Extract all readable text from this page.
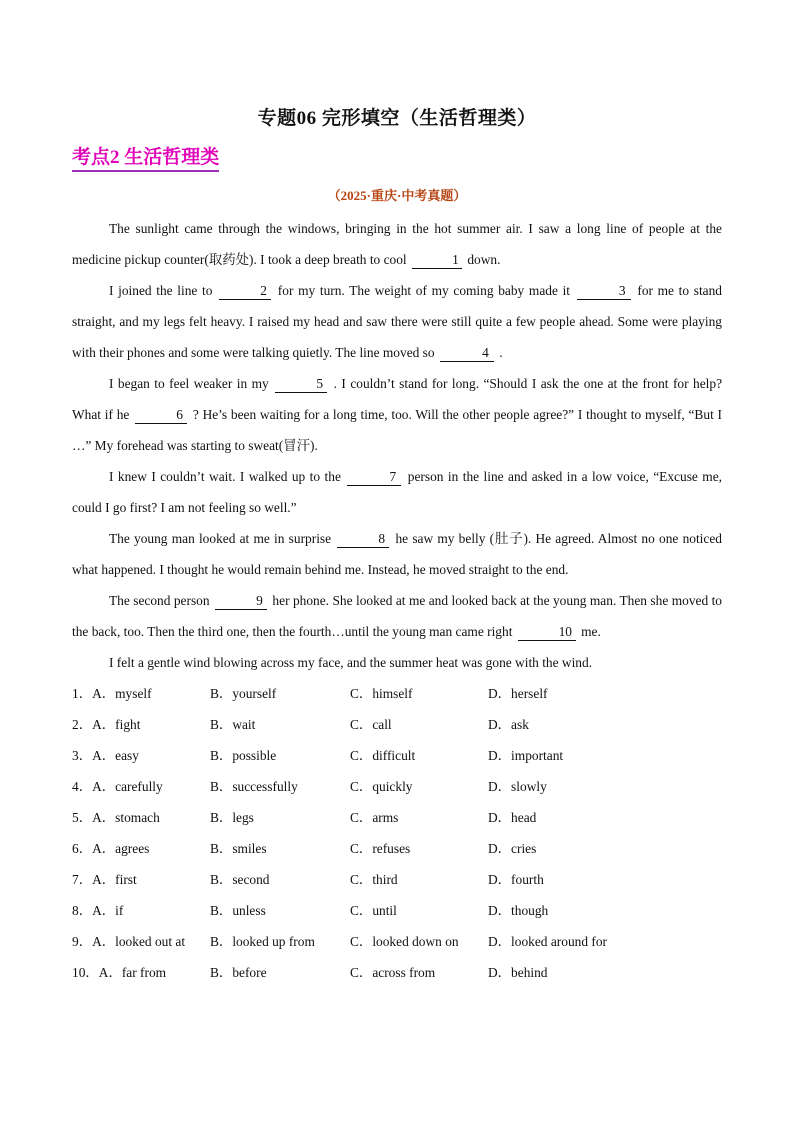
专题06 完形填空（生活哲理类）
考点2 生活哲理类
（2025·重庆·中考真题）

The sunlight came through the windows, bringing in the hot summer air. I saw a long line of people at the medicine pickup counter(取药处). I took a deep breath to cool	1 down.

I joined the line to	2 for my turn. The weight of my coming baby made it	3 for me to stand straight, and my legs felt heavy. I raised my head and saw there were still quite a few people ahead. Some were playing with their phones and some were talking quietly. The line moved so	4 .

I began to feel weaker in my	5 . I couldn’t stand for long. “Should I ask the one at the front for help? What if he	6 ? He’s been waiting for a long time, too. Will the other people agree?” I thought to myself, “But I …” My forehead was starting to sweat(冒汗).

I knew I couldn’t wait. I walked up to the	7 person in the line and asked in a low voice, “Excuse me, could I go first? I am not feeling so well.”

The young man looked at me in surprise	8 he saw my belly (肚子). He agreed. Almost no one noticed what happened. I thought he would remain behind me. Instead, he moved straight to the end.

The second person	9 her phone. She looked at me and looked back at the young man. Then she moved to the back, too. Then the third one, then the fourth…until the young man came right	10 me.

I felt a gentle wind blowing across my face, and the summer heat was gone with the wind.

1．A．myself	B．yourself	C．himself	D．herself
2．A．fight	B．wait	C．call	D．ask
3．A．easy	B．possible	C．difficult	D．important
4．A．carefully	B．successfully	C．quickly	D．slowly
5．A．stomach	B．legs	C．arms	D．head
6．A．agrees	B．smiles	C．refuses	D．cries
7．A．first	B．second	C．third	D．fourth
8．A．if	B．unless	C．until	D．though
9．A．looked out at	B．looked up from	C．looked down on	D．looked around for
10．A．far from	B．before	C．across from	D．behind
